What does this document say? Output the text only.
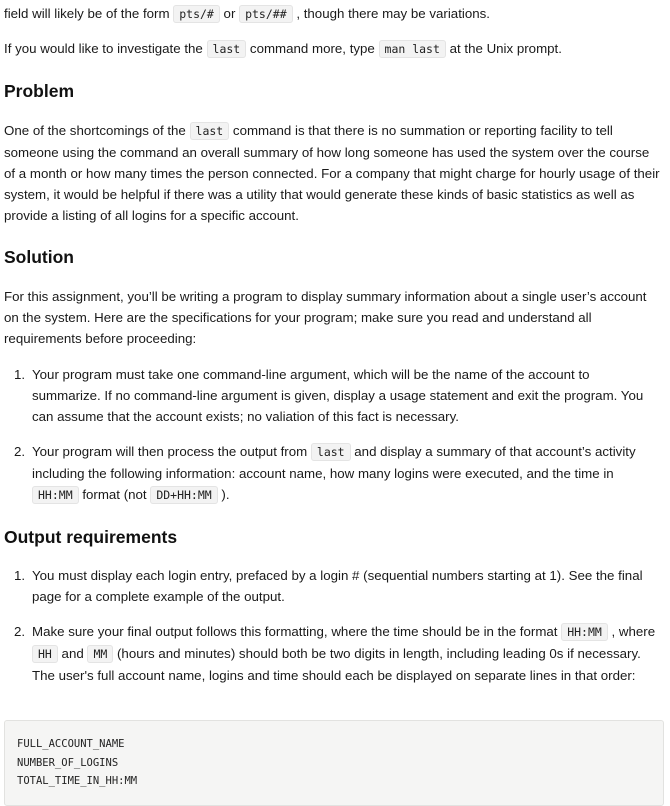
field will likely be of the form pts/# or pts/## , though there may be variations.

If you would like to investigate the last command more, type man last at the Unix prompt.

Problem

One of the shortcomings of the last command is that there is no summation or reporting facility to tell someone using the command an overall summary of how long someone has used the system over the course of a month or how many times the person connected. For a company that might charge for hourly usage of their system, it would be helpful if there was a utility that would generate these kinds of basic statistics as well as provide a listing of all logins for a specific account.

Solution

For this assignment, you’ll be writing a program to display summary information about a single user’s account on the system. Here are the specifications for your program; make sure you read and understand all requirements before proceeding:

1. Your program must take one command-line argument, which will be the name of the account to summarize. If no command-line argument is given, display a usage statement and exit the program. You can assume that the account exists; no valiation of this fact is necessary.
2. Your program will then process the output from last and display a summary of that account’s activity including the following information: account name, how many logins were executed, and the time in HH:MM format (not DD+HH:MM ).
Output requirements
1. You must display each login entry, prefaced by a login # (sequential numbers starting at 1). See the final page for a complete example of the output.
2. Make sure your final output follows this formatting, where the time should be in the format HH:MM , where HH and MM (hours and minutes) should both be two digits in length, including leading 0s if necessary. The user's full account name, logins and time should each be displayed on separate lines in that order:
FULL_ACCOUNT_NAME
NUMBER_OF_LOGINS
TOTAL_TIME_IN_HH:MM
